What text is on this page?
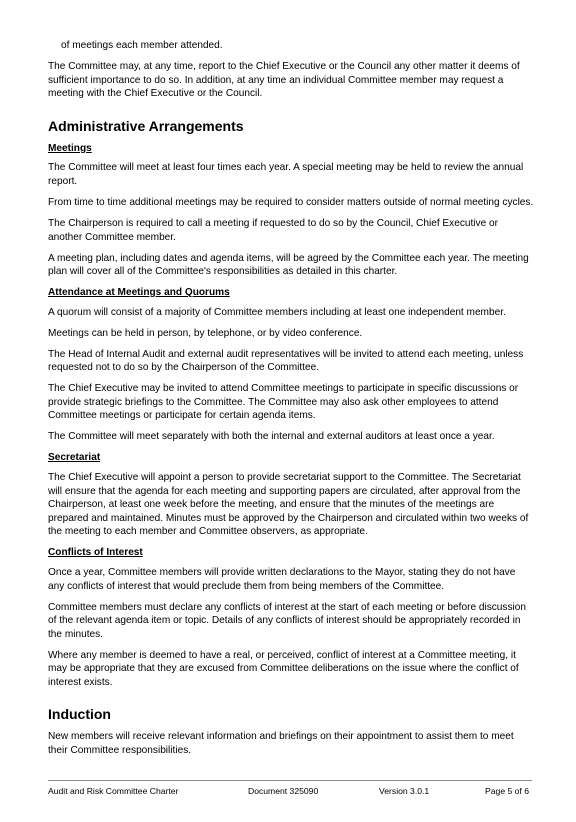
of meetings each member attended.

The Committee may, at any time, report to the Chief Executive or the Council any other matter it deems of sufficient importance to do so. In addition, at any time an individual Committee member may request a meeting with the Chief Executive or the Council.

Administrative Arrangements
Meetings

The Committee will meet at least four times each year. A special meeting may be held to review the annual report.

From time to time additional meetings may be required to consider matters outside of normal meeting cycles.

The Chairperson is required to call a meeting if requested to do so by the Council, Chief Executive or another Committee member.

A meeting plan, including dates and agenda items, will be agreed by the Committee each year. The meeting plan will cover all of the Committee's responsibilities as detailed in this charter.

Attendance at Meetings and Quorums

A quorum will consist of a majority of Committee members including at least one independent member.

Meetings can be held in person, by telephone, or by video conference.

The Head of Internal Audit and external audit representatives will be invited to attend each meeting, unless requested not to do so by the Chairperson of the Committee.

The Chief Executive may be invited to attend Committee meetings to participate in specific discussions or provide strategic briefings to the Committee. The Committee may also ask other employees to attend Committee meetings or participate for certain agenda items.

The Committee will meet separately with both the internal and external auditors at least once a year.

Secretariat

The Chief Executive will appoint a person to provide secretariat support to the Committee. The Secretariat will ensure that the agenda for each meeting and supporting papers are circulated, after approval from the Chairperson, at least one week before the meeting, and ensure that the minutes of the meetings are prepared and maintained. Minutes must be approved by the Chairperson and circulated within two weeks of the meeting to each member and Committee observers, as appropriate.

Conflicts of Interest

Once a year, Committee members will provide written declarations to the Mayor, stating they do not have any conflicts of interest that would preclude them from being members of the Committee.

Committee members must declare any conflicts of interest at the start of each meeting or before discussion of the relevant agenda item or topic. Details of any conflicts of interest should be appropriately recorded in the minutes.

Where any member is deemed to have a real, or perceived, conflict of interest at a Committee meeting, it may be appropriate that they are excused from Committee deliberations on the issue where the conflict of interest exists.

Induction

New members will receive relevant information and briefings on their appointment to assist them to meet their Committee responsibilities.

Audit and Risk Committee Charter	Document 325090	Version 3.0.1	Page 5 of 6
